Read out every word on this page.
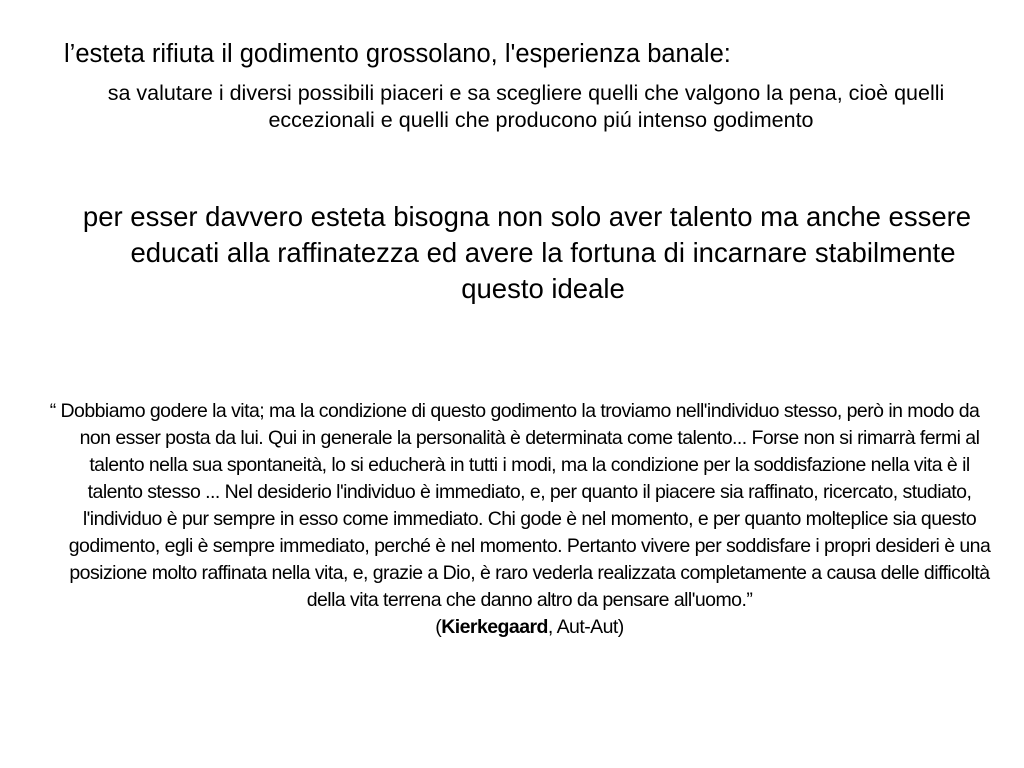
l’esteta rifiuta il godimento grossolano, l'esperienza banale:

sa valutare i diversi possibili piaceri e sa scegliere quelli che valgono la pena, cioè quelli eccezionali e quelli che producono piú intenso godimento

per esser davvero esteta bisogna non solo aver talento ma anche essere educati alla raffinatezza ed avere la fortuna di incarnare stabilmente questo ideale

“ Dobbiamo godere la vita; ma la condizione di questo godimento la troviamo nell'individuo stesso, però in modo da non esser posta da lui. Qui in generale la personalità è determinata come talento... Forse non si rimarrà fermi al talento nella sua spontaneità, lo si educherà in tutti i modi, ma la condizione per la soddisfazione nella vita è il talento stesso ... Nel desiderio l'individuo è immediato, e, per quanto il piacere sia raffinato, ricercato, studiato, l'individuo è pur sempre in esso come immediato. Chi gode è nel momento, e per quanto molteplice sia questo godimento, egli è sempre immediato, perché è nel momento. Pertanto vivere per soddisfare i propri desideri è una posizione molto raffinata nella vita, e, grazie a Dio, è raro vederla realizzata completamente a causa delle difficoltà della vita terrena che danno altro da pensare all'uomo.”
(Kierkegaard, Aut-Aut)
